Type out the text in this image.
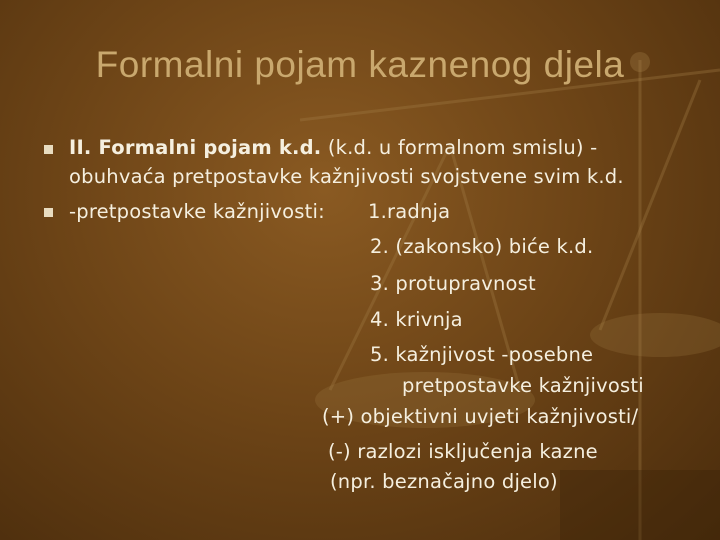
Formalni pojam kaznenog djela
II. Formalni pojam k.d. (k.d. u formalnom smislu) -
obuhvaća pretpostavke kažnjivosti svojstvene svim k.d.
-pretpostavke kažnjivosti: 1.radnja
2. (zakonsko) biće k.d.
3. protupravnost
4. krivnja
5. kažnjivost -posebne
pretpostavke kažnjivosti
(+) objektivni uvjeti kažnjivosti/
(-) razlozi isključenja kazne
(npr. beznačajno djelo)
